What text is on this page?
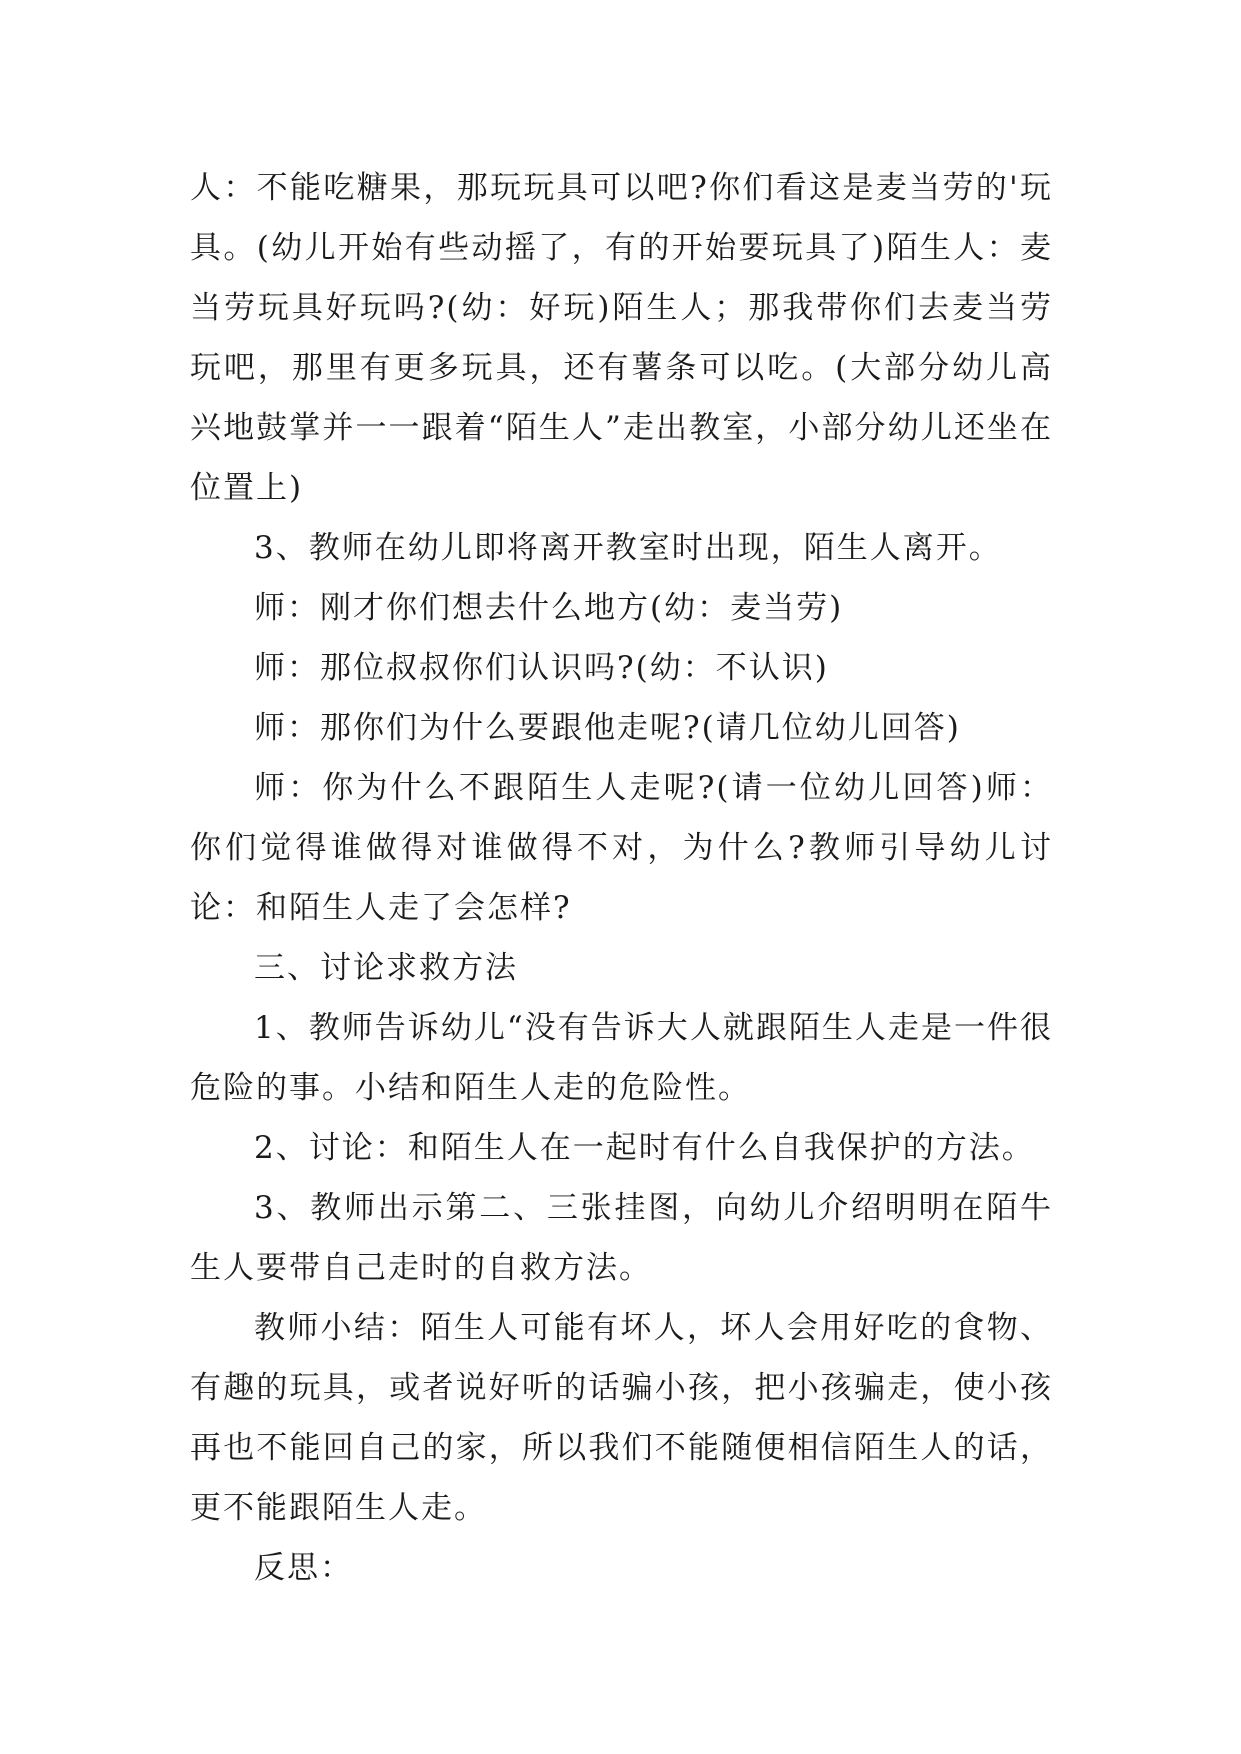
人：不能吃糖果，那玩玩具可以吧?你们看这是麦当劳的'玩具。(幼儿开始有些动摇了，有的开始要玩具了)陌生人：麦当劳玩具好玩吗?(幼：好玩)陌生人；那我带你们去麦当劳玩吧，那里有更多玩具，还有薯条可以吃。(大部分幼儿高兴地鼓掌并一一跟着“陌生人”走出教室，小部分幼儿还坐在位置上)

3、教师在幼儿即将离开教室时出现，陌生人离开。

师：刚才你们想去什么地方(幼：麦当劳)

师：那位叔叔你们认识吗?(幼：不认识)

师：那你们为什么要跟他走呢?(请几位幼儿回答)

师：你为什么不跟陌生人走呢?(请一位幼儿回答)师：你们觉得谁做得对谁做得不对，为什么?教师引导幼儿讨论：和陌生人走了会怎样?

三、讨论求救方法

1、教师告诉幼儿“没有告诉大人就跟陌生人走是一件很危险的事。小结和陌生人走的危险性。

2、讨论：和陌生人在一起时有什么自我保护的方法。

3、教师出示第二、三张挂图，向幼儿介绍明明在陌牛生人要带自己走时的自救方法。

教师小结：陌生人可能有坏人，坏人会用好吃的食物、有趣的玩具，或者说好听的话骗小孩，把小孩骗走，使小孩再也不能回自己的家，所以我们不能随便相信陌生人的话，更不能跟陌生人走。

反思：
